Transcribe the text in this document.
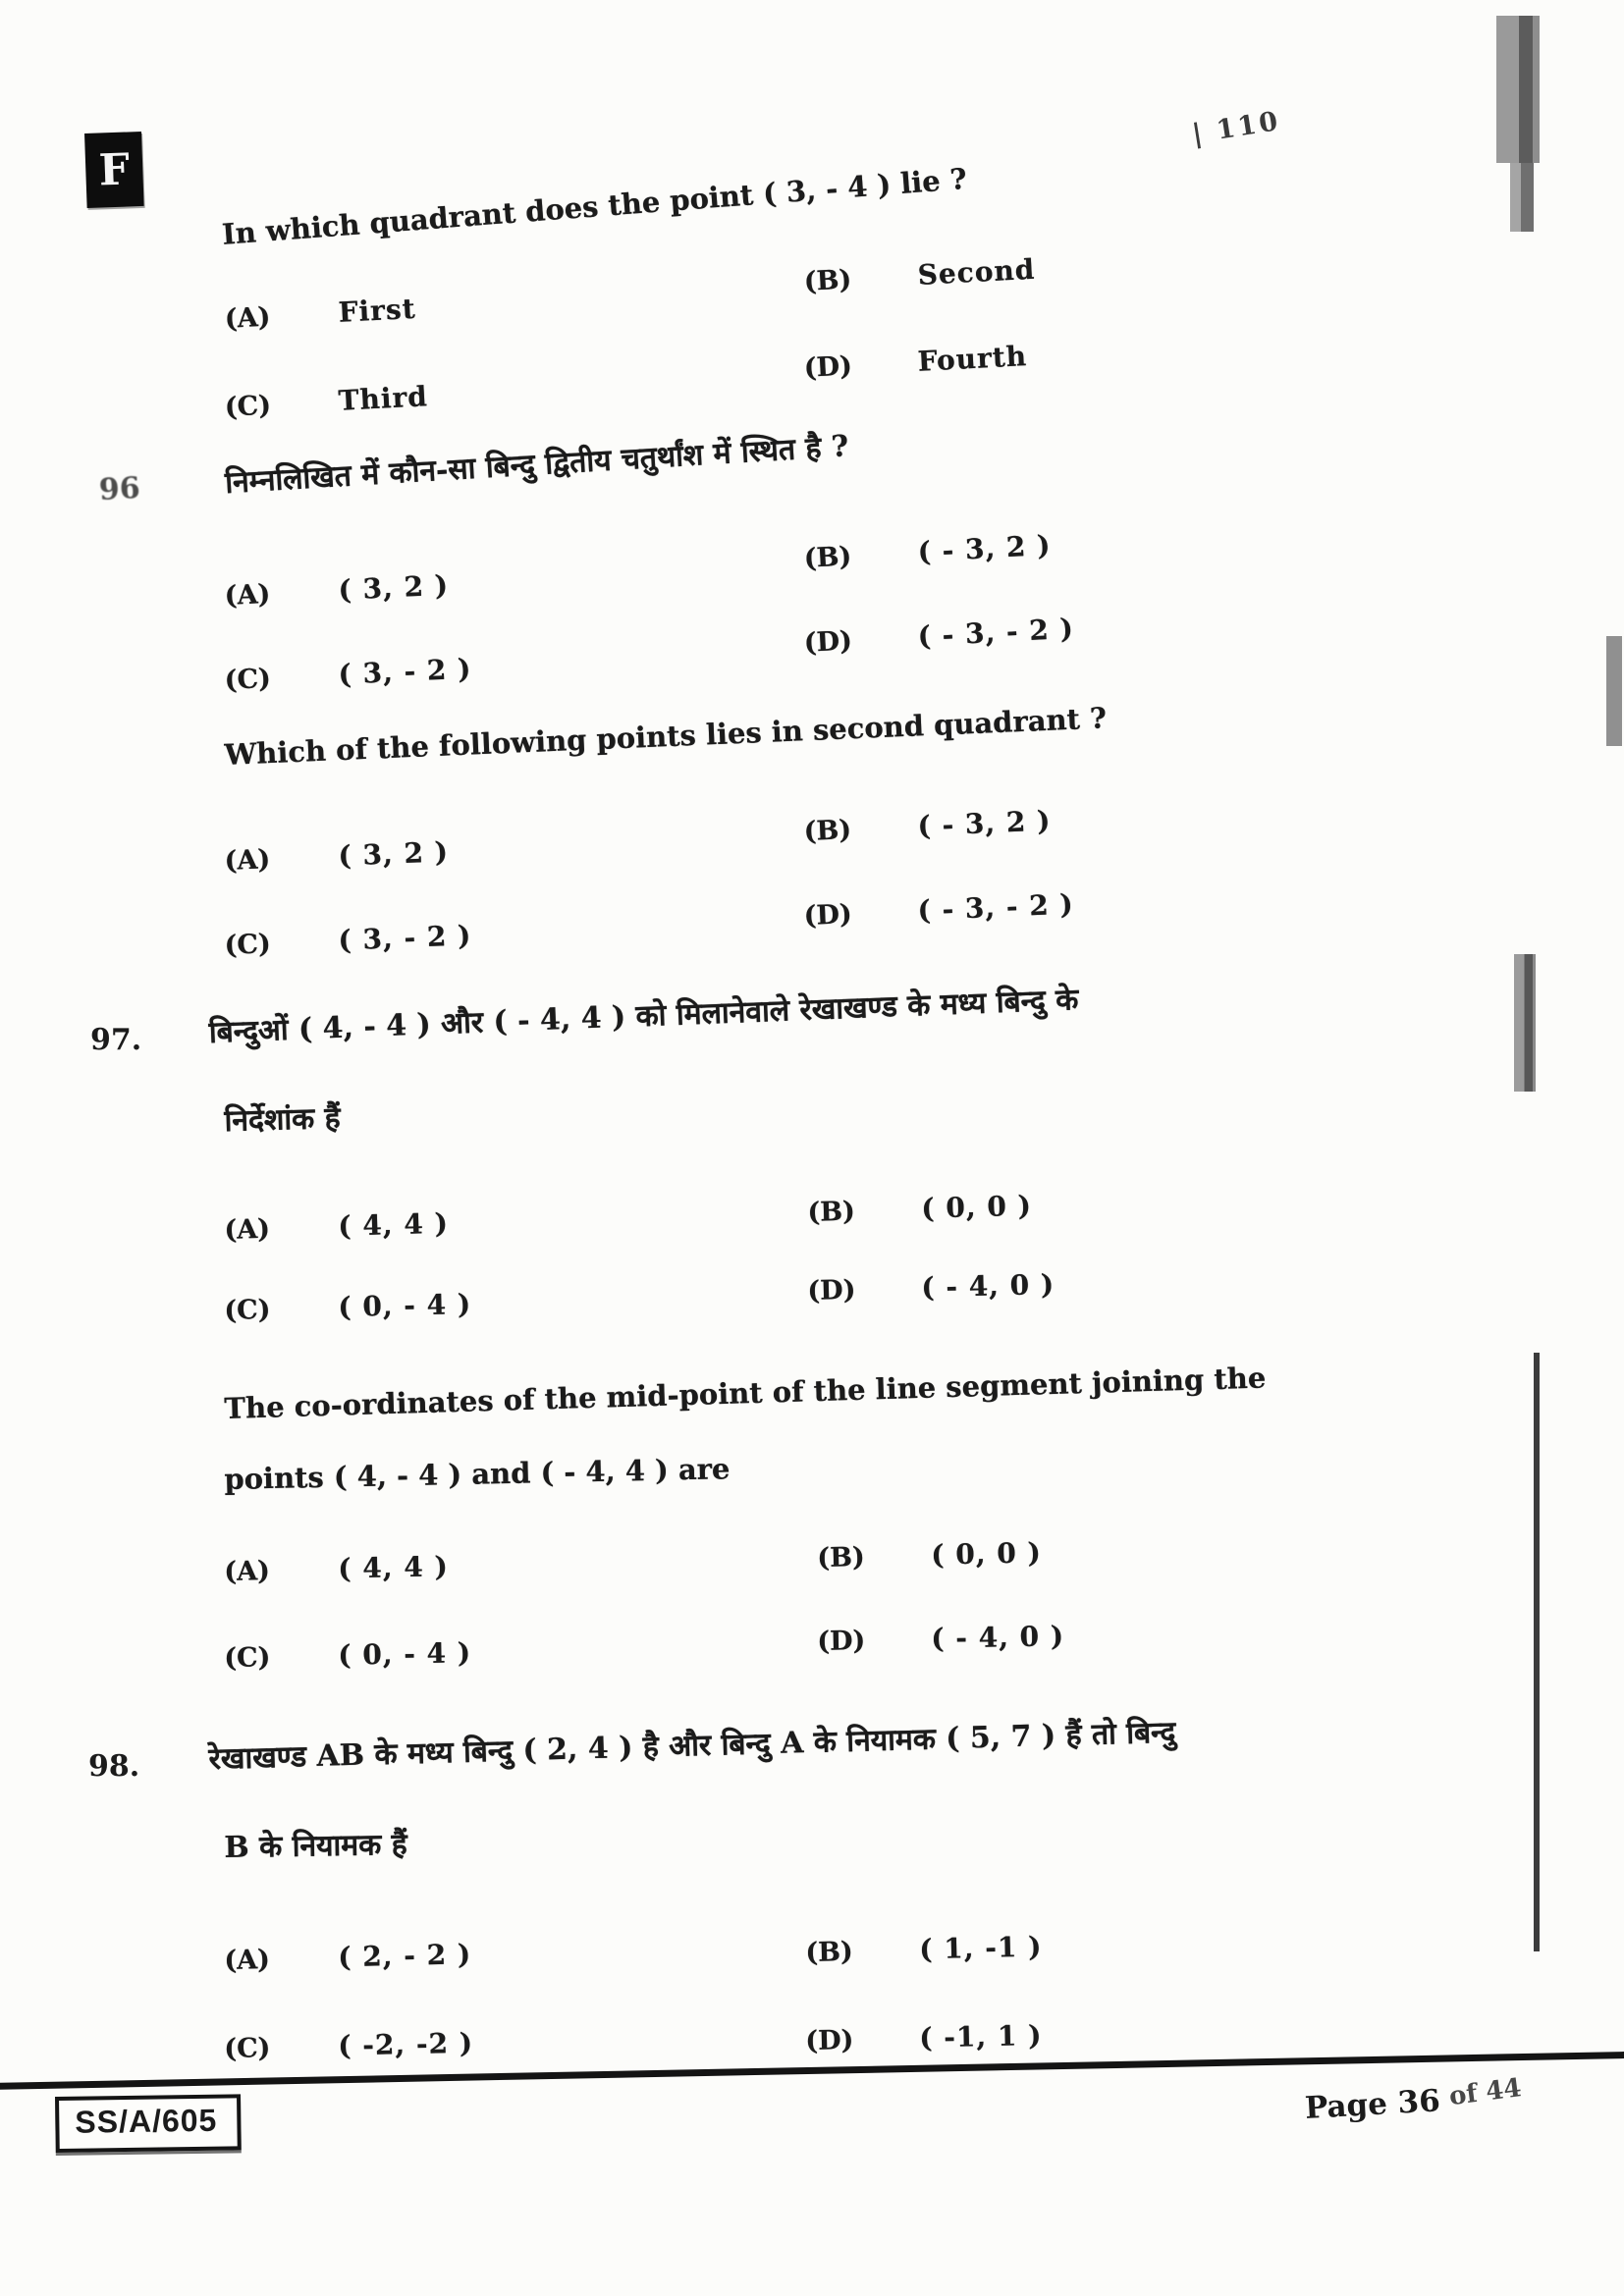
F
| 110
In which quadrant does the point ( 3, - 4 ) lie ?
(A)	First
(B)	Second
(C)	Third
(D)	Fourth
96	निम्नलिखित में कौन-सा बिन्दु द्वितीय चतुर्थांश में स्थित है ?
(A)	( 3, 2 )
(B)	( - 3, 2 )
(C)	( 3, - 2 )
(D)	( - 3, - 2 )
Which of the following points lies in second quadrant ?
(A)	( 3, 2 )
(B)	( - 3, 2 )
(C)	( 3, - 2 )
(D)	( - 3, - 2 )
97. बिन्दुओं ( 4, - 4 ) और ( - 4, 4 ) को मिलानेवाले रेखाखण्ड के मध्य बिन्दु के
निर्देशांक हैं
(A)	( 4, 4 )	(B)	( 0, 0 )
(C)	( 0, - 4 )	(D)	( - 4, 0 )
The co-ordinates of the mid-point of the line segment joining the
points ( 4, - 4 ) and ( - 4, 4 ) are
(A)	( 4, 4 )	(B)	( 0, 0 )
(C)	( 0, - 4 )	(D)	( - 4, 0 )
98. रेखाखण्ड AB के मध्य बिन्दु ( 2, 4 ) है और बिन्दु A के नियामक ( 5, 7 ) हैं तो बिन्दु
B के नियामक हैं
(A)	( 2, - 2 )	(B)	( 1, -1 )
(C)	( -2, -2 )	(D)	( -1, 1 )
SS/A/605	Page 36 of 44
